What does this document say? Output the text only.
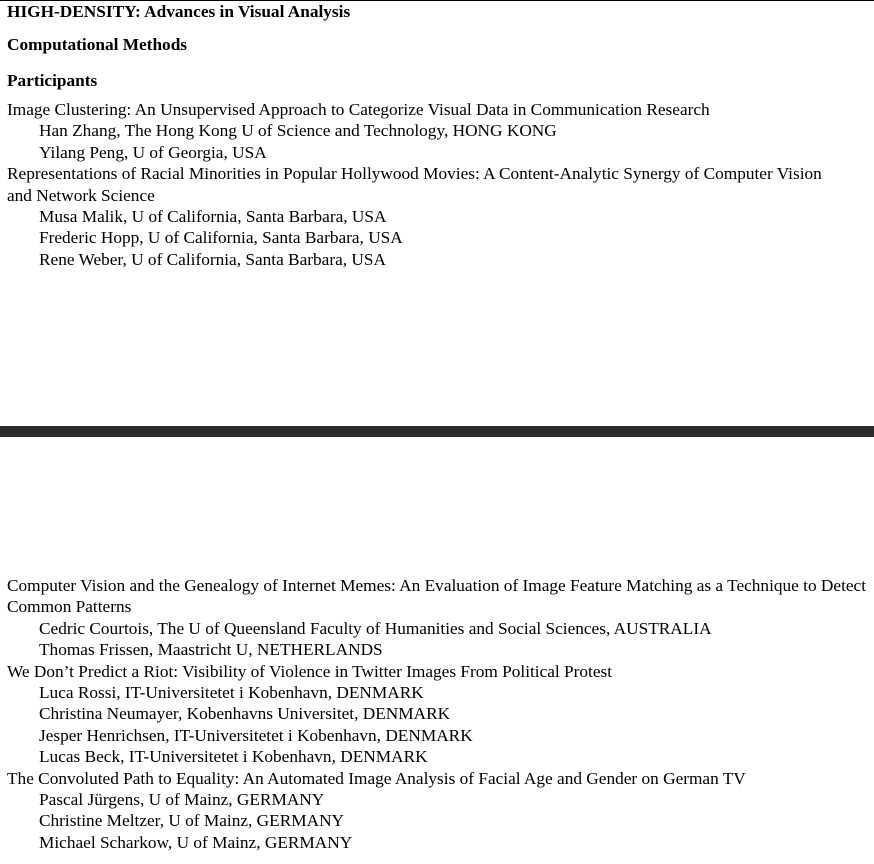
HIGH-DENSITY: Advances in Visual Analysis
Computational Methods
Participants
Image Clustering: An Unsupervised Approach to Categorize Visual Data in Communication Research
Han Zhang, The Hong Kong U of Science and Technology, HONG KONG
Yilang Peng, U of Georgia, USA
Representations of Racial Minorities in Popular Hollywood Movies: A Content-Analytic Synergy of Computer Vision and Network Science
Musa Malik, U of California, Santa Barbara, USA
Frederic Hopp, U of California, Santa Barbara, USA
Rene Weber, U of California, Santa Barbara, USA
Computer Vision and the Genealogy of Internet Memes: An Evaluation of Image Feature Matching as a Technique to Detect Common Patterns
Cedric Courtois, The U of Queensland Faculty of Humanities and Social Sciences, AUSTRALIA
Thomas Frissen, Maastricht U, NETHERLANDS
We Don’t Predict a Riot: Visibility of Violence in Twitter Images From Political Protest
Luca Rossi, IT-Universitetet i Kobenhavn, DENMARK
Christina Neumayer, Kobenhavns Universitet, DENMARK
Jesper Henrichsen, IT-Universitetet i Kobenhavn, DENMARK
Lucas Beck, IT-Universitetet i Kobenhavn, DENMARK
The Convoluted Path to Equality: An Automated Image Analysis of Facial Age and Gender on German TV
Pascal Jürgens, U of Mainz, GERMANY
Christine Meltzer, U of Mainz, GERMANY
Michael Scharkow, U of Mainz, GERMANY
